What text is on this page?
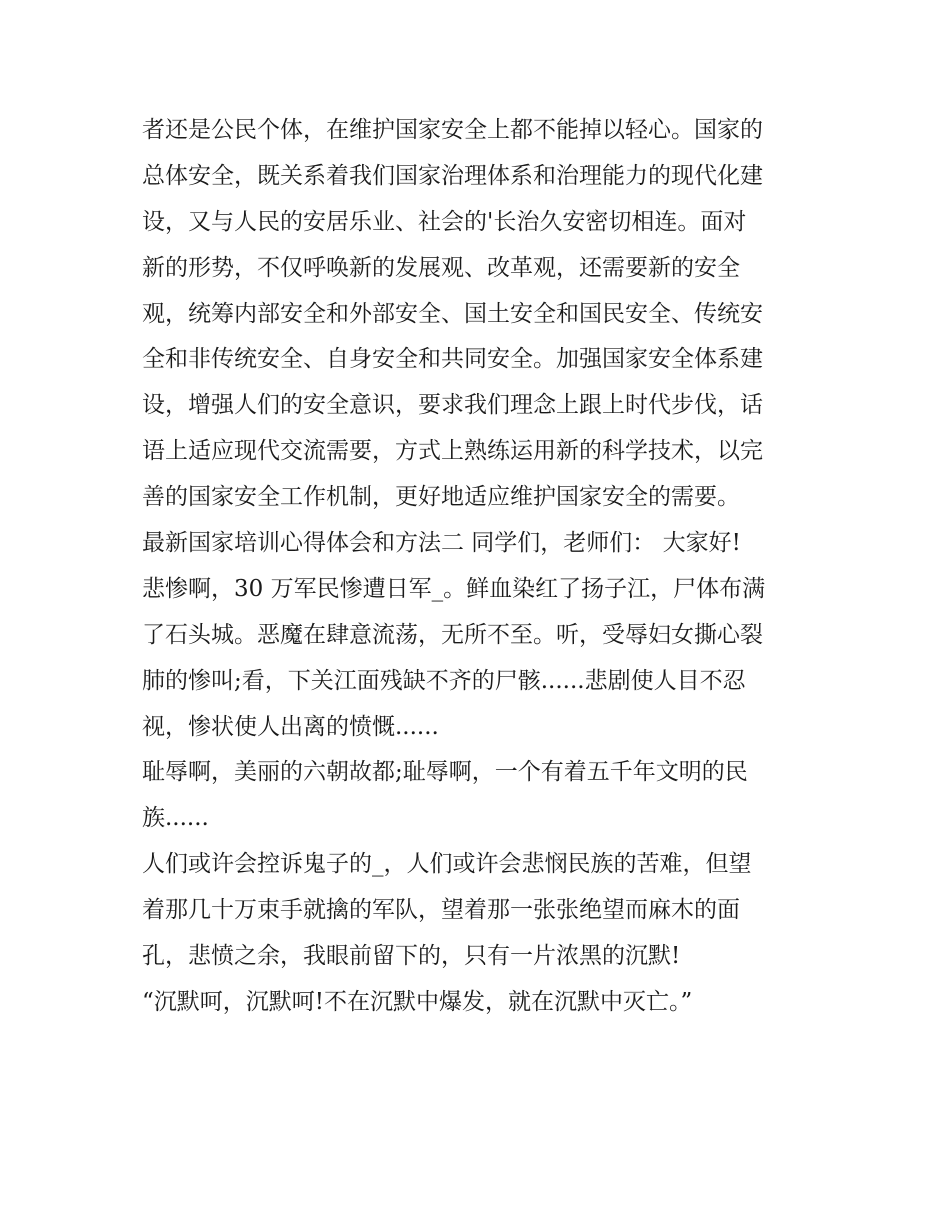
者还是公民个体，在维护国家安全上都不能掉以轻心。国家的
总体安全，既关系着我们国家治理体系和治理能力的现代化建
设，又与人民的安居乐业、社会的'长治久安密切相连。面对
新的形势，不仅呼唤新的发展观、改革观，还需要新的安全
观，统筹内部安全和外部安全、国土安全和国民安全、传统安
全和非传统安全、自身安全和共同安全。加强国家安全体系建
设，增强人们的安全意识，要求我们理念上跟上时代步伐，话
语上适应现代交流需要，方式上熟练运用新的科学技术，以完
善的国家安全工作机制，更好地适应维护国家安全的需要。
最新国家培训心得体会和方法二 同学们，老师们： 大家好!
悲惨啊，30 万军民惨遭日军_。鲜血染红了扬子江，尸体布满
了石头城。恶魔在肆意流荡，无所不至。听，受辱妇女撕心裂
肺的惨叫;看，下关江面残缺不齐的尸骸......悲剧使人目不忍
视，惨状使人出离的愤慨......
耻辱啊，美丽的六朝故都;耻辱啊，一个有着五千年文明的民
族......
人们或许会控诉鬼子的_，人们或许会悲悯民族的苦难，但望
着那几十万束手就擒的军队，望着那一张张绝望而麻木的面
孔，悲愤之余，我眼前留下的，只有一片浓黑的沉默!
“沉默呵，沉默呵!不在沉默中爆发，就在沉默中灭亡。”
